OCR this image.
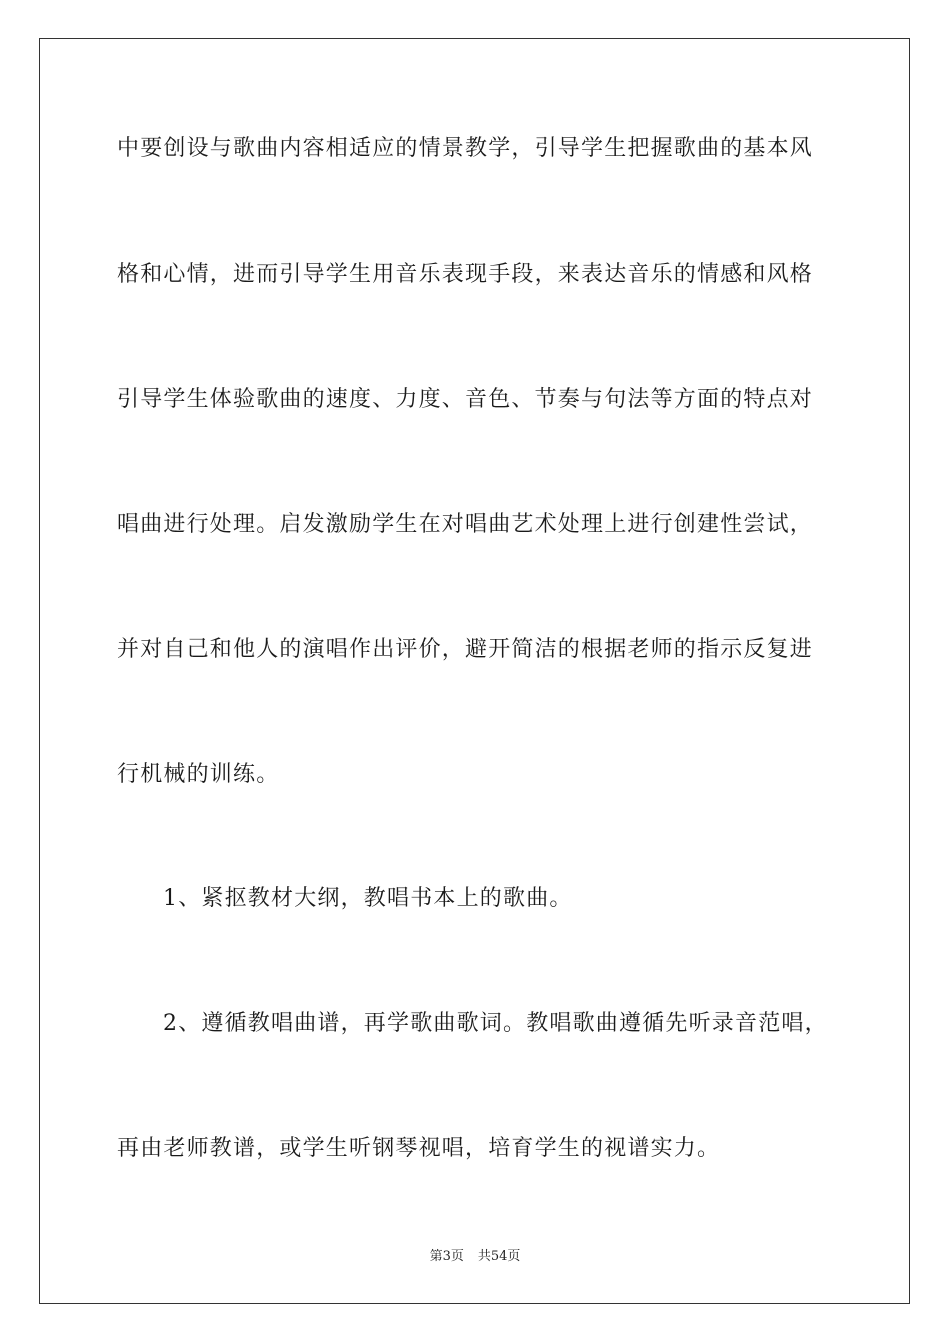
中要创设与歌曲内容相适应的情景教学，引导学生把握歌曲的基本风
格和心情，进而引导学生用音乐表现手段，来表达音乐的情感和风格
引导学生体验歌曲的速度、力度、音色、节奏与句法等方面的特点对
唱曲进行处理。启发激励学生在对唱曲艺术处理上进行创建性尝试，
并对自己和他人的演唱作出评价，避开简洁的根据老师的指示反复进
行机械的训练。
1、紧抠教材大纲，教唱书本上的歌曲。
2、遵循教唱曲谱，再学歌曲歌词。教唱歌曲遵循先听录音范唱，
再由老师教谱，或学生听钢琴视唱，培育学生的视谱实力。
第3页 共54页
